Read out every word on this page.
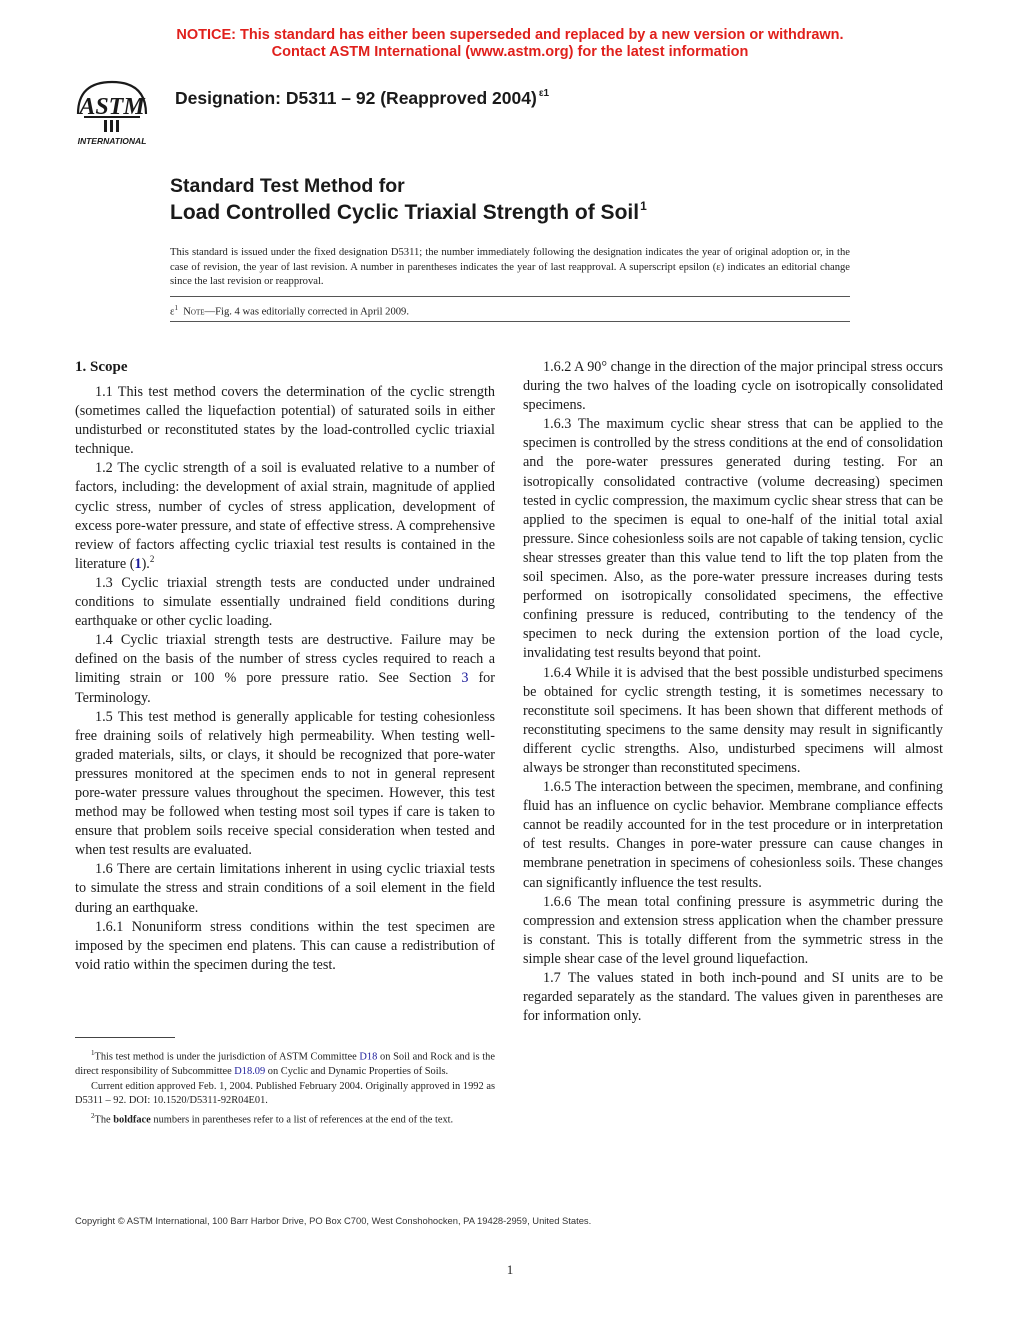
NOTICE: This standard has either been superseded and replaced by a new version or withdrawn.
Contact ASTM International (www.astm.org) for the latest information
ASTM
INTERNATIONAL
Designation: D5311 – 92 (Reapproved 2004) $^{\varepsilon 1}$
Standard Test Method for
Load Controlled Cyclic Triaxial Strength of Soil$^1$
This standard is issued under the fixed designation D5311; the number immediately following the designation indicates the year of original adoption or, in the case of revision, the year of last revision. A number in parentheses indicates the year of last reapproval. A superscript epsilon (ε) indicates an editorial change since the last revision or reapproval.
$\varepsilon^1$ Note—Fig. 4 was editorially corrected in April 2009.
1. Scope

1.1 This test method covers the determination of the cyclic strength (sometimes called the liquefaction potential) of saturated soils in either undisturbed or reconstituted states by the load-controlled cyclic triaxial technique.

1.2 The cyclic strength of a soil is evaluated relative to a number of factors, including: the development of axial strain, magnitude of applied cyclic stress, number of cycles of stress application, development of excess pore-water pressure, and state of effective stress. A comprehensive review of factors affecting cyclic triaxial test results is contained in the literature (1).$^2$

1.3 Cyclic triaxial strength tests are conducted under undrained conditions to simulate essentially undrained field conditions during earthquake or other cyclic loading.

1.4 Cyclic triaxial strength tests are destructive. Failure may be defined on the basis of the number of stress cycles required to reach a limiting strain or 100 % pore pressure ratio. See Section 3 for Terminology.

1.5 This test method is generally applicable for testing cohesionless free draining soils of relatively high permeability. When testing well-graded materials, silts, or clays, it should be recognized that pore-water pressures monitored at the specimen ends to not in general represent pore-water pressure values throughout the specimen. However, this test method may be followed when testing most soil types if care is taken to ensure that problem soils receive special consideration when tested and when test results are evaluated.

1.6 There are certain limitations inherent in using cyclic triaxial tests to simulate the stress and strain conditions of a soil element in the field during an earthquake.

1.6.1 Nonuniform stress conditions within the test specimen are imposed by the specimen end platens. This can cause a redistribution of void ratio within the specimen during the test.

1.6.2 A 90° change in the direction of the major principal stress occurs during the two halves of the loading cycle on isotropically consolidated specimens.

1.6.3 The maximum cyclic shear stress that can be applied to the specimen is controlled by the stress conditions at the end of consolidation and the pore-water pressures generated during testing. For an isotropically consolidated contractive (volume decreasing) specimen tested in cyclic compression, the maximum cyclic shear stress that can be applied to the specimen is equal to one-half of the initial total axial pressure. Since cohesionless soils are not capable of taking tension, cyclic shear stresses greater than this value tend to lift the top platen from the soil specimen. Also, as the pore-water pressure increases during tests performed on isotropically consolidated specimens, the effective confining pressure is reduced, contributing to the tendency of the specimen to neck during the extension portion of the load cycle, invalidating test results beyond that point.

1.6.4 While it is advised that the best possible undisturbed specimens be obtained for cyclic strength testing, it is sometimes necessary to reconstitute soil specimens. It has been shown that different methods of reconstituting specimens to the same density may result in significantly different cyclic strengths. Also, undisturbed specimens will almost always be stronger than reconstituted specimens.

1.6.5 The interaction between the specimen, membrane, and confining fluid has an influence on cyclic behavior. Membrane compliance effects cannot be readily accounted for in the test procedure or in interpretation of test results. Changes in pore-water pressure can cause changes in membrane penetration in specimens of cohesionless soils. These changes can significantly influence the test results.

1.6.6 The mean total confining pressure is asymmetric during the compression and extension stress application when the chamber pressure is constant. This is totally different from the symmetric stress in the simple shear case of the level ground liquefaction.

1.7 The values stated in both inch-pound and SI units are to be regarded separately as the standard. The values given in parentheses are for information only.

$^1$This test method is under the jurisdiction of ASTM Committee D18 on Soil and Rock and is the direct responsibility of Subcommittee D18.09 on Cyclic and Dynamic Properties of Soils.

Current edition approved Feb. 1, 2004. Published February 2004. Originally approved in 1992 as D5311 – 92. DOI: 10.1520/D5311-92R04E01.

$^2$The boldface numbers in parentheses refer to a list of references at the end of the text.

Copyright © ASTM International, 100 Barr Harbor Drive, PO Box C700, West Conshohocken, PA 19428-2959, United States.
1
